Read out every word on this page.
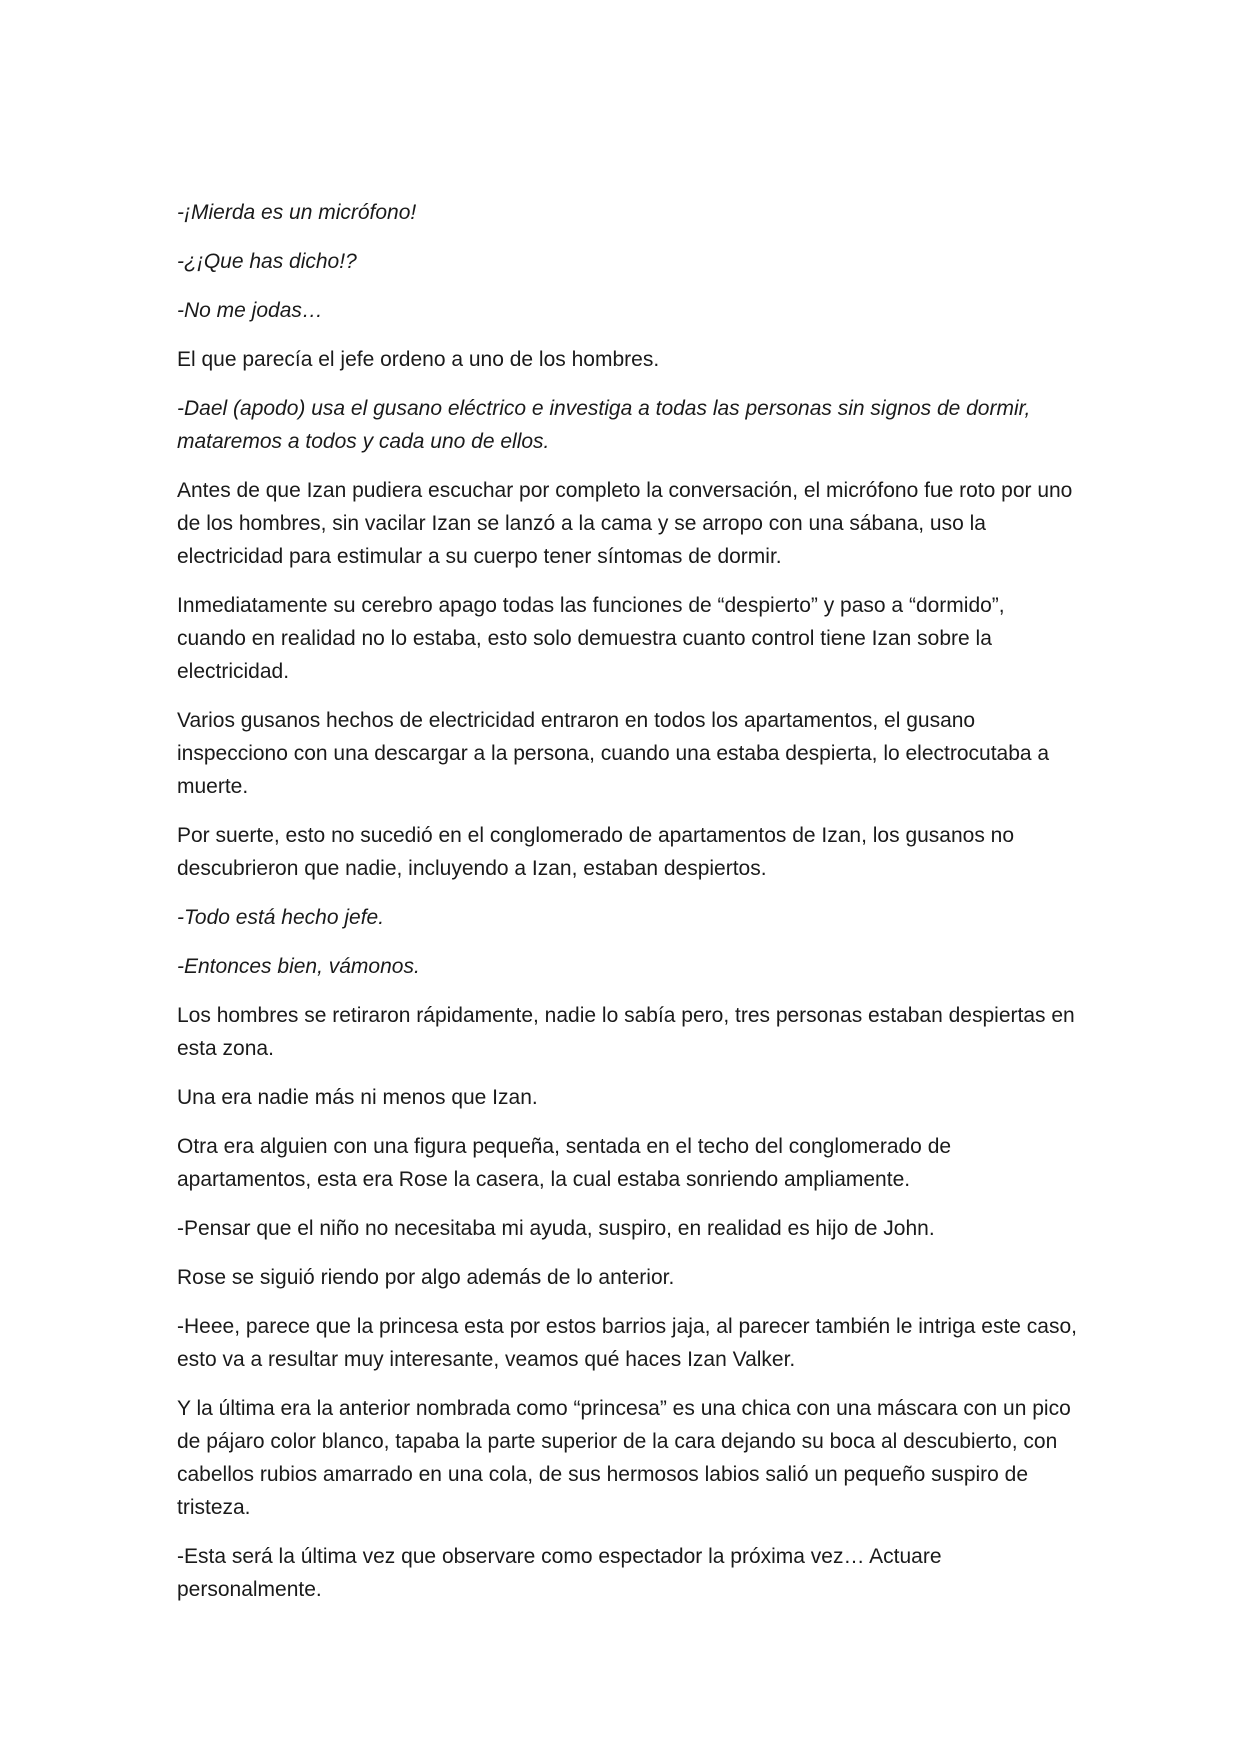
-¡Mierda es un micrófono!

-¿¡Que has dicho!?

-No me jodas…

El que parecía el jefe ordeno a uno de los hombres.

-Dael (apodo) usa el gusano eléctrico e investiga a todas las personas sin signos de dormir, mataremos a todos y cada uno de ellos.

Antes de que Izan pudiera escuchar por completo la conversación, el micrófono fue roto por uno de los hombres, sin vacilar Izan se lanzó a la cama y se arropo con una sábana, uso la electricidad para estimular a su cuerpo tener síntomas de dormir.

Inmediatamente su cerebro apago todas las funciones de “despierto” y paso a “dormido”, cuando en realidad no lo estaba, esto solo demuestra cuanto control tiene Izan sobre la electricidad.

Varios gusanos hechos de electricidad entraron en todos los apartamentos, el gusano inspecciono con una descargar a la persona, cuando una estaba despierta, lo electrocutaba a muerte.

Por suerte, esto no sucedió en el conglomerado de apartamentos de Izan, los gusanos no descubrieron que nadie, incluyendo a Izan, estaban despiertos.

-Todo está hecho jefe.

-Entonces bien, vámonos.

Los hombres se retiraron rápidamente, nadie lo sabía pero, tres personas estaban despiertas en esta zona.

Una era nadie más ni menos que Izan.

Otra era alguien con una figura pequeña, sentada en el techo del conglomerado de apartamentos, esta era Rose la casera, la cual estaba sonriendo ampliamente.

-Pensar que el niño no necesitaba mi ayuda, suspiro, en realidad es hijo de John.

Rose se siguió riendo por algo además de lo anterior.

-Heee, parece que la princesa esta por estos barrios jaja, al parecer también le intriga este caso, esto va a resultar muy interesante, veamos qué haces Izan Valker.

Y la última era la anterior nombrada como “princesa” es una chica con una máscara con un pico de pájaro color blanco, tapaba la parte superior de la cara dejando su boca al descubierto, con cabellos rubios amarrado en una cola, de sus hermosos labios salió un pequeño suspiro de tristeza.

-Esta será la última vez que observare como espectador la próxima vez… Actuare personalmente.
